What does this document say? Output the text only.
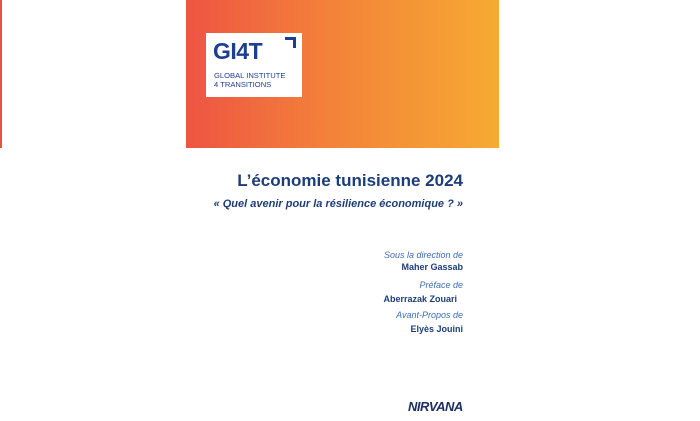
GI4T
GLOBAL INSTITUTE
4 TRANSITIONS
L’économie tunisienne 2024

« Quel avenir pour la résilience économique ? »

Sous la direction de

Maher Gassab

Préface de

Aberrazak Zouari

Avant-Propos de

Elyès Jouini

NIRVANA
